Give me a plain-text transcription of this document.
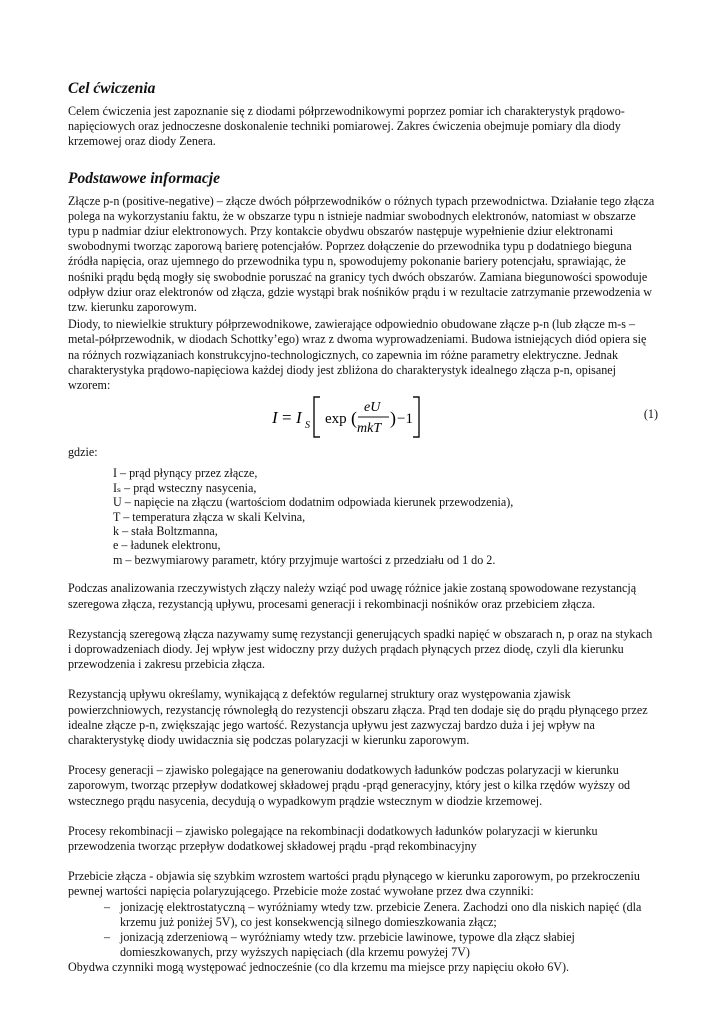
Cel ćwiczenia

Celem ćwiczenia jest zapoznanie się z diodami półprzewodnikowymi poprzez pomiar ich charakterystyk prądowo-napięciowych oraz jednoczesne doskonalenie techniki pomiarowej. Zakres ćwiczenia obejmuje pomiary dla diody krzemowej oraz diody Zenera.

Podstawowe informacje

Złącze p-n (positive-negative) – złącze dwóch półprzewodników o różnych typach przewodnictwa. Działanie tego złącza polega na wykorzystaniu faktu, że w obszarze typu n istnieje nadmiar swobodnych elektronów, natomiast w obszarze typu p nadmiar dziur elektronowych. Przy kontakcie obydwu obszarów następuje wypełnienie dziur elektronami swobodnymi tworząc zaporową barierę potencjałów. Poprzez dołączenie do przewodnika typu p dodatniego bieguna źródła napięcia, oraz ujemnego do przewodnika typu n, spowodujemy pokonanie bariery potencjału, sprawiając, że nośniki prądu będą mogły się swobodnie poruszać na granicy tych dwóch obszarów. Zamiana biegunowości spowoduje odpływ dziur oraz elektronów od złącza, gdzie wystąpi brak nośników prądu i w rezultacie zatrzymanie przewodzenia w tzw. kierunku zaporowym.

Diody, to niewielkie struktury półprzewodnikowe, zawierające odpowiednio obudowane złącze p-n (lub złącze m-s – metal-półprzewodnik, w diodach Schottky’ego) wraz z dwoma wyprowadzeniami. Budowa istniejących diód opiera się na różnych rozwiązaniach konstrukcyjno-technologicznych, co zapewnia im różne parametry elektryczne. Jednak charakterystyka prądowo-napięciowa każdej diody jest zbliżona do charakterystyk idealnego złącza p-n, opisanej wzorem:

I = I S exp (
eU
mkT
) −1	(1)

gdzie:

I – prąd płynący przez złącze,
Iₛ – prąd wsteczny nasycenia,
U – napięcie na złączu (wartościom dodatnim odpowiada kierunek przewodzenia),
T – temperatura złącza w skali Kelvina,
k – stała Boltzmanna,
e – ładunek elektronu,
m – bezwymiarowy parametr, który przyjmuje wartości z przedziału od 1 do 2.

Podczas analizowania rzeczywistych złączy należy wziąć pod uwagę różnice jakie zostaną spowodowane rezystancją szeregowa złącza, rezystancją upływu, procesami generacji i rekombinacji nośników oraz przebiciem złącza.

Rezystancją szeregową złącza nazywamy sumę rezystancji generujących spadki napięć w obszarach n, p oraz na stykach i doprowadzeniach diody. Jej wpływ jest widoczny przy dużych prądach płynących przez diodę, czyli dla kierunku przewodzenia i zakresu przebicia złącza.

Rezystancją upływu określamy, wynikającą z defektów regularnej struktury oraz występowania zjawisk powierzchniowych, rezystancję równoległą do rezystencji obszaru złącza. Prąd ten dodaje się do prądu płynącego przez idealne złącze p-n, zwiększając jego wartość. Rezystancja upływu jest zazwyczaj bardzo duża i jej wpływ na charakterystykę diody uwidacznia się podczas polaryzacji w kierunku zaporowym.

Procesy generacji – zjawisko polegające na generowaniu dodatkowych ładunków podczas polaryzacji w kierunku zaporowym, tworząc przepływ dodatkowej składowej prądu -prąd generacyjny, który jest o kilka rzędów wyższy od wstecznego prądu nasycenia, decydują o wypadkowym prądzie wstecznym w diodzie krzemowej.

Procesy rekombinacji – zjawisko polegające na rekombinacji dodatkowych ładunków polaryzacji w kierunku przewodzenia tworząc przepływ dodatkowej składowej prądu -prąd rekombinacyjny

Przebicie złącza - objawia się szybkim wzrostem wartości prądu płynącego w kierunku zaporowym, po przekroczeniu pewnej wartości napięcia polaryzującego. Przebicie może zostać wywołane przez dwa czynniki:

– jonizację elektrostatyczną – wyróżniamy wtedy tzw. przebicie Zenera. Zachodzi ono dla niskich napięć (dla krzemu już poniżej 5V), co jest konsekwencją silnego domieszkowania złącz;
– jonizacją zderzeniową – wyróżniamy wtedy tzw. przebicie lawinowe, typowe dla złącz słabiej domieszkowanych, przy wyższych napięciach (dla krzemu powyżej 7V)

Obydwa czynniki mogą występować jednocześnie (co dla krzemu ma miejsce przy napięciu około 6V).
